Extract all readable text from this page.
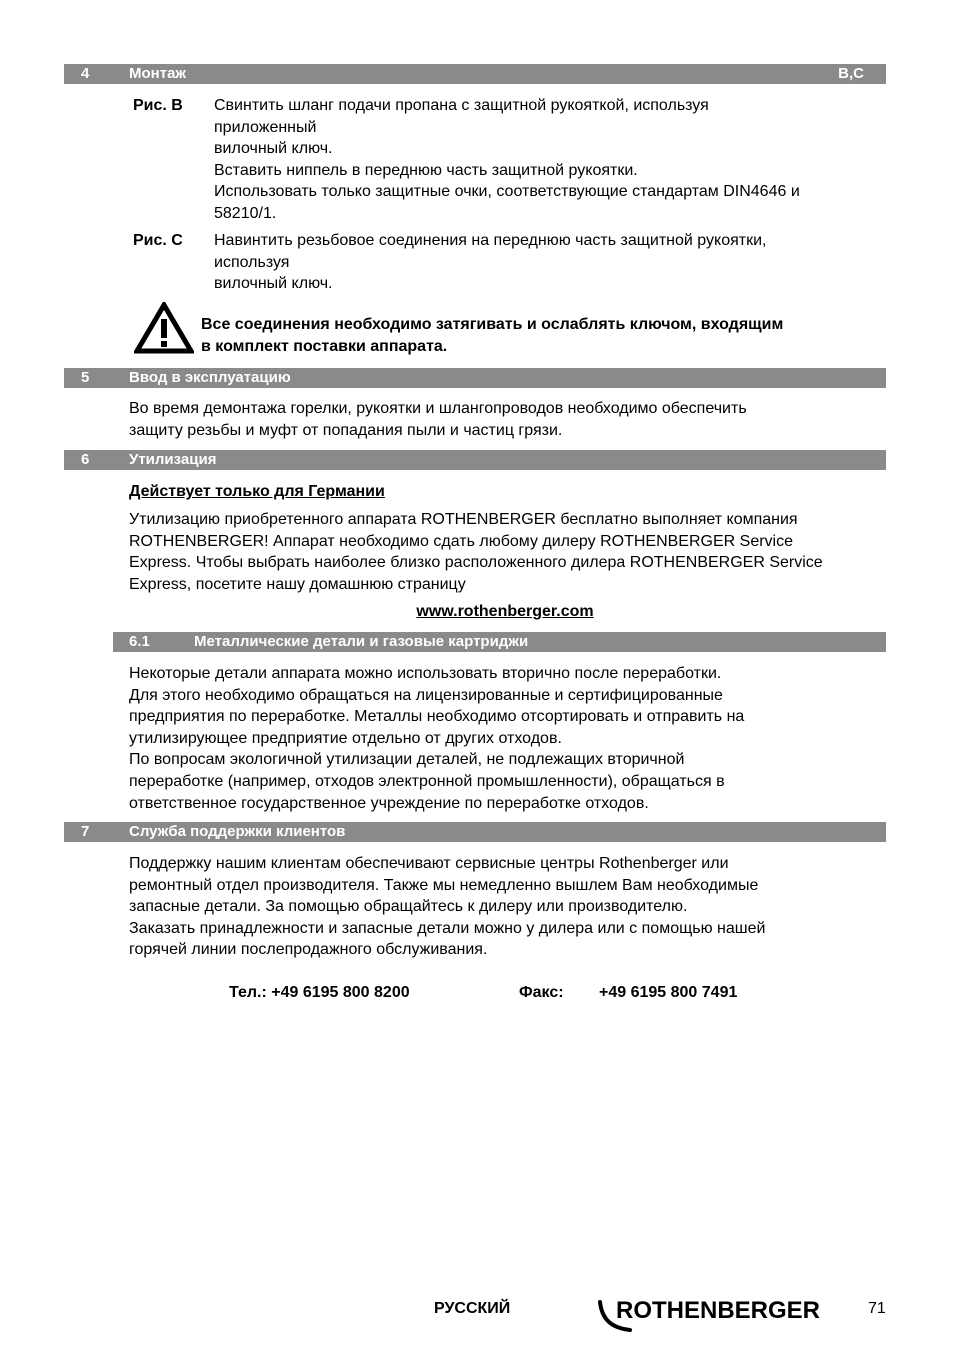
4	Монтаж	B,C
Рис. B Свинтить шланг подачи пропана с защитной рукояткой, используя
приложенный
вилочный ключ.
Вставить ниппель в переднюю часть защитной рукоятки.
Использовать только защитные очки, соответствующие стандартам DIN4646 и
58210/1.
Рис. C Навинтить резьбовое соединения на переднюю часть защитной рукоятки,
используя
вилочный ключ.
Все соединения необходимо затягивать и ослаблять ключом, входящим
в комплект поставки аппарата.
5	Ввод в эксплуатацию
Во время демонтажа горелки, рукоятки и шлангопроводов необходимо обеспечить
защиту резьбы и муфт от попадания пыли и частиц грязи.
6	Утилизация
Действует только для Германии
Утилизацию приобретенного аппарата ROTHENBERGER бесплатно выполняет компания
ROTHENBERGER! Аппарат необходимо сдать любому дилеру ROTHENBERGER Service
Express. Чтобы выбрать наиболее близко расположенного дилера ROTHENBERGER Service
Express, посетите нашу домашнюю страницу
www.rothenberger.com
6.1	Металлические детали и газовые картриджи
Некоторые детали аппарата можно использовать вторично после переработки.
Для этого необходимо обращаться на лицензированные и сертифицированные
предприятия по переработке. Металлы необходимо отсортировать и отправить на
утилизирующее предприятие отдельно от других отходов.
По вопросам экологичной утилизации деталей, не подлежащих вторичной
переработке (например, отходов электронной промышленности), обращаться в
ответственное государственное учреждение по переработке отходов.
7	Служба поддержки клиентов
Поддержку нашим клиентам обеспечивают сервисные центры Rothenberger или
ремонтный отдел производителя. Также мы немедленно вышлем Вам необходимые
запасные детали. За помощью обращайтесь к дилеру или производителю.
Заказать принадлежности и запасные детали можно у дилера или с помощью нашей
горячей линии послепродажного обслуживания.
Тел.: +49 6195 800 8200	Факс: +49 6195 800 7491
РУССКИЙ	ROTHENBERGER	71
